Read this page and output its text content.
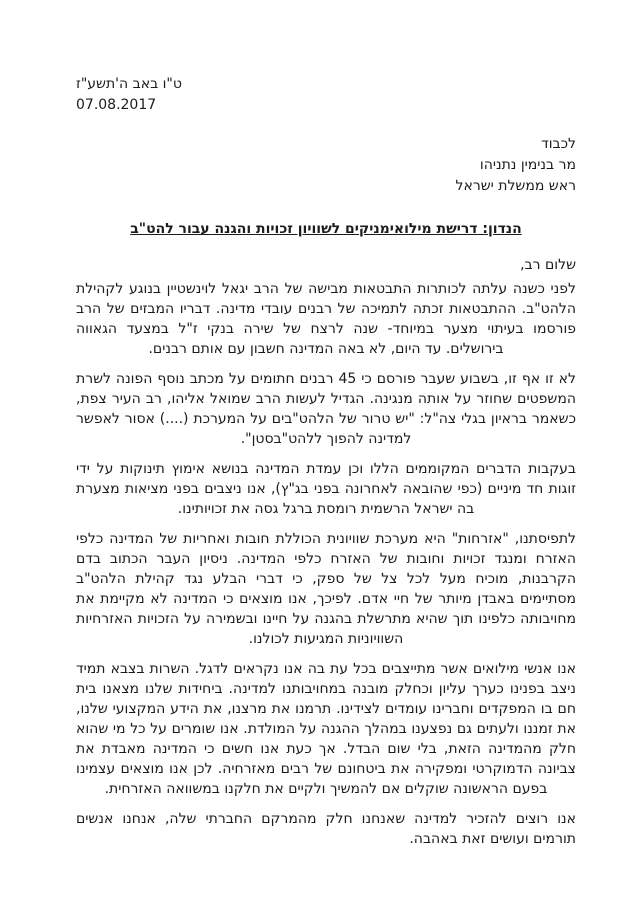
ט"ו באב ה'תשע"ז
07.08.2017
לכבוד
מר בנימין נתניהו
ראש ממשלת ישראל
הנדון: דרישת מילואימניקים לשוויון זכויות והגנה עבור להט"ב
שלום רב,

לפני כשנה עלתה לכותרות התבטאות מבישה של הרב יגאל לוינשטיין בנוגע לקהילת הלהט"ב. ההתבטאות זכתה לתמיכה של רבנים עובדי מדינה. דבריו המבזים של הרב פורסמו בעיתוי מצער במיוחד- שנה לרצח של שירה בנקי ז"ל במצעד הגאווה בירושלים. עד היום, לא באה המדינה חשבון עם אותם רבנים.

לא זו אף זו, בשבוע שעבר פורסם כי 45 רבנים חתומים על מכתב נוסף הפונה לשרת המשפטים שחוזר על אותה מנגינה. הגדיל לעשות הרב שמואל אליהו, רב העיר צפת, כשאמר בראיון בגלי צה"ל: "יש טרור של הלהט"בים על המערכת (....) אסור לאפשר למדינה להפוך ללהט"בסטן".

בעקבות הדברים המקוממים הללו וכן עמדת המדינה בנושא אימוץ תינוקות על ידי זוגות חד מיניים (כפי שהובאה לאחרונה בפני בג"ץ), אנו ניצבים בפני מציאות מצערת בה ישראל הרשמית רומסת ברגל גסה את זכויותינו.

לתפיסתנו, "אזרחות" היא מערכת שוויונית הכוללת חובות ואחריות של המדינה כלפי האזרח ומנגד זכויות וחובות של האזרח כלפי המדינה. ניסיון העבר הכתוב בדם הקרבנות, מוכיח מעל לכל צל של ספק, כי דברי הבלע נגד קהילת הלהט"ב מסתיימים באבדן מיותר של חיי אדם. לפיכך, אנו מוצאים כי המדינה לא מקיימת את מחויבותה כלפינו תוך שהיא מתרשלת בהגנה על חיינו ובשמירה על הזכויות האזרחיות השוויוניות המגיעות לכולנו.

אנו אנשי מילואים אשר מתייצבים בכל עת בה אנו נקראים לדגל. השרות בצבא תמיד ניצב בפנינו כערך עליון וכחלק מובנה במחויבותנו למדינה. ביחידות שלנו מצאנו בית חם בו המפקדים וחברינו עומדים לצידינו. תרמנו את מרצנו, את הידע המקצועי שלנו, את זמננו ולעתים גם נפצענו במהלך ההגנה על המולדת. אנו שומרים על כל מי שהוא חלק מהמדינה הזאת, בלי שום הבדל. אך כעת אנו חשים כי המדינה מאבדת את צביונה הדמוקרטי ומפקירה את ביטחונם של רבים מאזרחיה. לכן אנו מוצאים עצמינו בפעם הראשונה שוקלים אם להמשיך ולקיים את חלקנו במשוואה האזרחית.

אנו רוצים להזכיר למדינה שאנחנו חלק מהמרקם החברתי שלה, אנחנו אנשים תורמים ועושים זאת באהבה.
